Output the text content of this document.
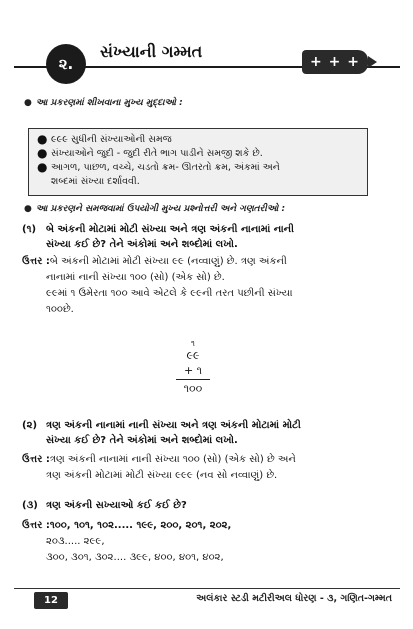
૨.
સંખ્યાની ગમ્મત
+ + +
● આ પ્રકરણમાં શીખવાના મુખ્ય મુદ્દાઓ :
● ૯૯૯ સુધીની સંખ્યાઓની સમજ
● સંખ્યાઓને જુદી - જુદી રીતે ભાગ પાડીને સમજી શકે છે.
● આગળ, પાછળ, વચ્ચે, ચડતો ક્રમ- ઊતરતો ક્રમ, અંકમાં અને
શબ્દમાં સંખ્યા દર્શાવવી.
● આ પ્રકરણને સમજવામાં ઉપયોગી મુખ્ય પ્રશ્નોત્તરી અને ગણતરીઓ :
(૧) બે અંકની મોટામાં મોટી સંખ્યા અને ત્રણ અંકની નાનામાં નાની
સંખ્યા કઈ છે? તેને અંકોમાં અને શબ્દોમાં લખો.
ઉત્તર :બે અંકની મોટામાં મોટી સંખ્યા ૯૯ (નવ્વાણું) છે. ત્રણ અંકની
નાનામાં નાની સંખ્યા ૧૦૦ (સો) (એક સો) છે.
૯૯માં ૧ ઉમેરતા ૧૦૦ આવે એટલે કે ૯૯ની તરત પછીની સંખ્યા
૧૦૦છે.
૧
૯૯
+ ૧
૧૦૦
(૨) ત્રણ અંકની નાનામાં નાની સંખ્યા અને ત્રણ અંકની મોટામાં મોટી
સંખ્યા કઈ છે? તેને અંકોમાં અને શબ્દોમાં લખો.
ઉત્તર :ત્રણ અંકની નાનામાં નાની સંખ્યા ૧૦૦ (સો) (એક સો) છે અને
ત્રણ અંકની મોટામાં મોટી સંખ્યા ૯૯૯ (નવ સો નવ્વાણું) છે.
(૩) ત્રણ અંકની સખ્યાઓ કઈ કઈ છે?
ઉત્તર :૧૦૦, ૧૦૧, ૧૦૨..... ૧૯૯, ૨૦૦, ૨૦૧, ૨૦૨,
૨૦૩..... ૨૯૯,
૩૦૦, ૩૦૧, ૩૦૨.... ૩૯૯, ૪૦૦, ૪૦૧, ૪૦૨,
12	અલંકાર સ્ટડી મટીરીઅલ ધોરણ - ૩, ગણિત-ગમ્મત
